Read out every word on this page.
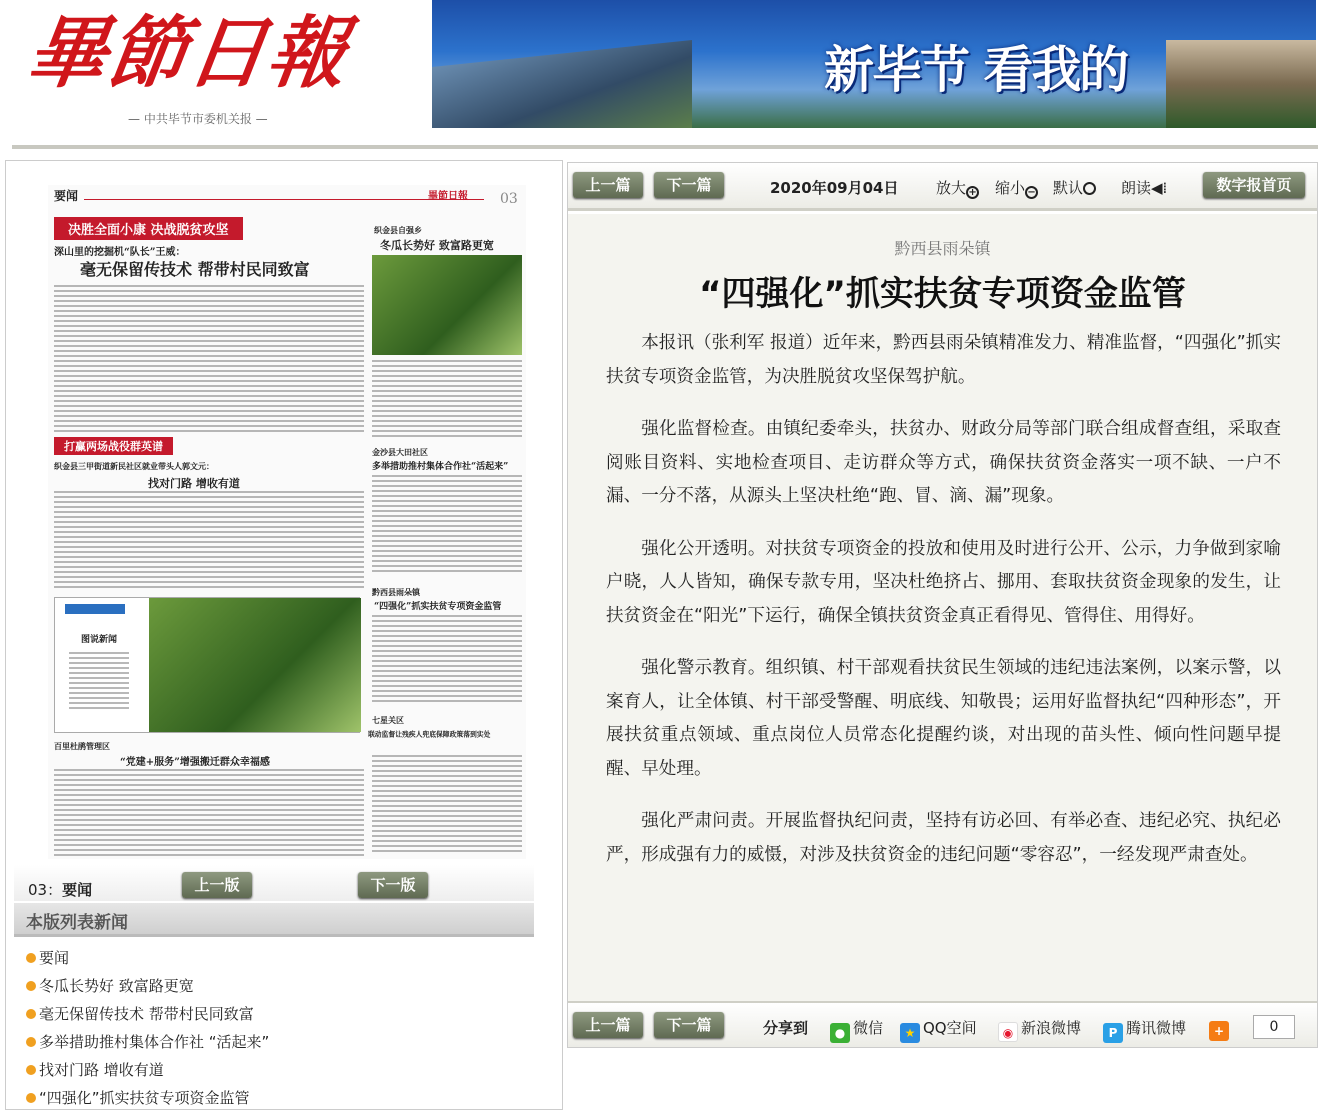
畢節日報
— 中共毕节市委机关报 —
新毕节 看我的
要闻	畢節日報 03
决胜全面小康 决战脱贫攻坚
深山里的挖掘机“队长”王威：
毫无保留传技术 帮带村民同致富
织金县自强乡
冬瓜长势好 致富路更宽
打赢两场战役群英谱
织金县三甲街道新民社区就业带头人郭文元：
找对门路 增收有道
金沙县大田社区
多举措助推村集体合作社“活起来”
图说新闻
黔西县雨朵镇
“四强化”抓实扶贫专项资金监管
七星关区
联动监督让残疾人兜底保障政策落到实处
百里杜鹃管理区
“党建+服务”增强搬迁群众幸福感
03：要闻	上一版	下一版
本版列表新闻
要闻
冬瓜长势好 致富路更宽
毫无保留传技术 帮带村民同致富
多举措助推村集体合作社 “活起来”
找对门路 增收有道
“四强化”抓实扶贫专项资金监管
上一篇	下一篇	2020年09月04日	放大 + 缩小 − 默认	朗读◀⁞	数字报首页
黔西县雨朵镇
“四强化”抓实扶贫专项资金监管

本报讯（张利军 报道）近年来，黔西县雨朵镇精准发力、精准监督，“四强化”抓实扶贫专项资金监管，为决胜脱贫攻坚保驾护航。

强化监督检查。由镇纪委牵头，扶贫办、财政分局等部门联合组成督查组，采取查阅账目资料、实地检查项目、走访群众等方式，确保扶贫资金落实一项不缺、一户不漏、一分不落，从源头上坚决杜绝“跑、冒、滴、漏”现象。

强化公开透明。对扶贫专项资金的投放和使用及时进行公开、公示，力争做到家喻户晓，人人皆知，确保专款专用，坚决杜绝挤占、挪用、套取扶贫资金现象的发生，让扶贫资金在“阳光”下运行，确保全镇扶贫资金真正看得见、管得住、用得好。

强化警示教育。组织镇、村干部观看扶贫民生领域的违纪违法案例，以案示警，以案育人，让全体镇、村干部受警醒、明底线、知敬畏；运用好监督执纪“四种形态”，开展扶贫重点领域、重点岗位人员常态化提醒约谈，对出现的苗头性、倾向性问题早提醒、早处理。

强化严肃问责。开展监督执纪问责，坚持有访必回、有举必查、违纪必究、执纪必严，形成强有力的威慑，对涉及扶贫资金的违纪问题“零容忍”，一经发现严肃查处。

上一篇	下一篇	分享到	● 微信	★ QQ空间	◉ 新浪微博	P 腾讯微博	+	0
